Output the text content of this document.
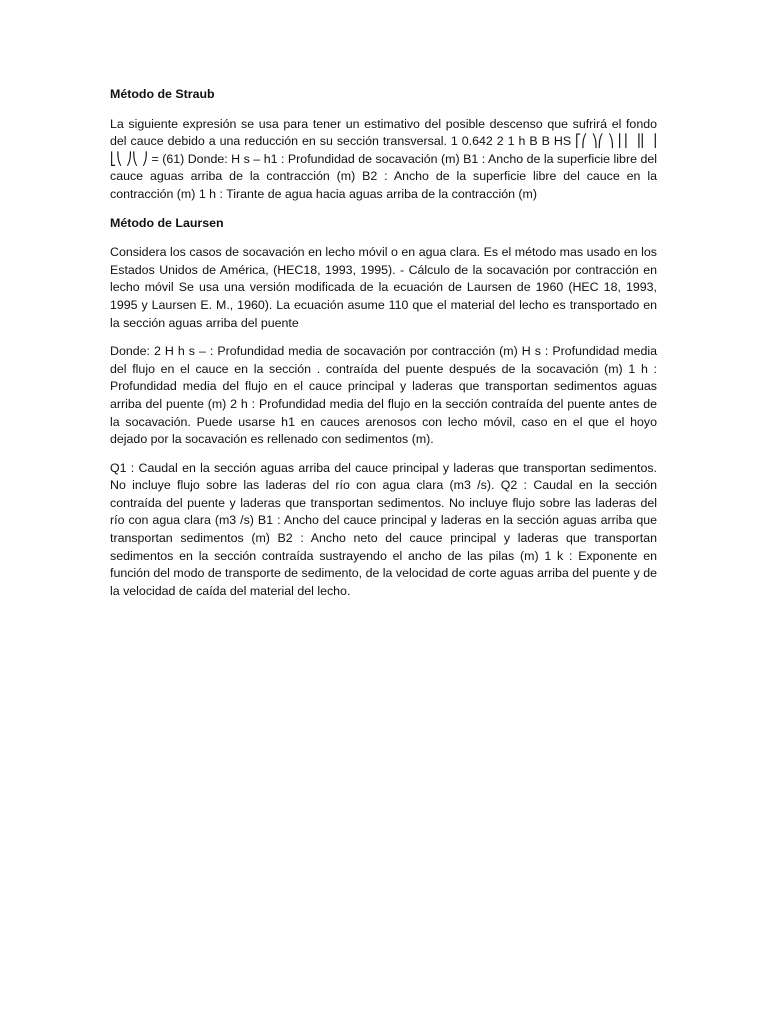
Método de Straub

La siguiente expresión se usa para tener un estimativo del posible descenso que sufrirá el fondo del cauce debido a una reducción en su sección transversal. 1 0.642 2 1 h B B HS ⎡⎛ ⎞⎛ ⎞ ⎢⎜ ⎟⎜ ⎟ ⎣⎝ ⎠⎝ ⎠ = (61) Donde: H s – h1 : Profundidad de socavación (m) B1 : Ancho de la superficie libre del cauce aguas arriba de la contracción (m) B2 : Ancho de la superficie libre del cauce en la contracción (m) 1 h : Tirante de agua hacia aguas arriba de la contracción (m)

Método de Laursen

Considera los casos de socavación en lecho móvil o en agua clara. Es el método mas usado en los Estados Unidos de América, (HEC18, 1993, 1995). - Cálculo de la socavación por contracción en lecho móvil Se usa una versión modificada de la ecuación de Laursen de 1960 (HEC 18, 1993, 1995 y Laursen E. M., 1960). La ecuación asume 110 que el material del lecho es transportado en la sección aguas arriba del puente

Donde: 2 H h s – : Profundidad media de socavación por contracción (m) H s : Profundidad media del flujo en el cauce en la sección . contraída del puente después de la socavación (m) 1 h : Profundidad media del flujo en el cauce principal y laderas que transportan sedimentos aguas arriba del puente (m) 2 h : Profundidad media del flujo en la sección contraída del puente antes de la socavación. Puede usarse h1 en cauces arenosos con lecho móvil, caso en el que el hoyo dejado por la socavación es rellenado con sedimentos (m).

Q1 : Caudal en la sección aguas arriba del cauce principal y laderas que transportan sedimentos. No incluye flujo sobre las laderas del río con agua clara (m3 /s). Q2 : Caudal en la sección contraída del puente y laderas que transportan sedimentos. No incluye flujo sobre las laderas del río con agua clara (m3 /s) B1 : Ancho del cauce principal y laderas en la sección aguas arriba que transportan sedimentos (m) B2 : Ancho neto del cauce principal y laderas que transportan sedimentos en la sección contraída sustrayendo el ancho de las pilas (m) 1 k : Exponente en función del modo de transporte de sedimento, de la velocidad de corte aguas arriba del puente y de la velocidad de caída del material del lecho.
